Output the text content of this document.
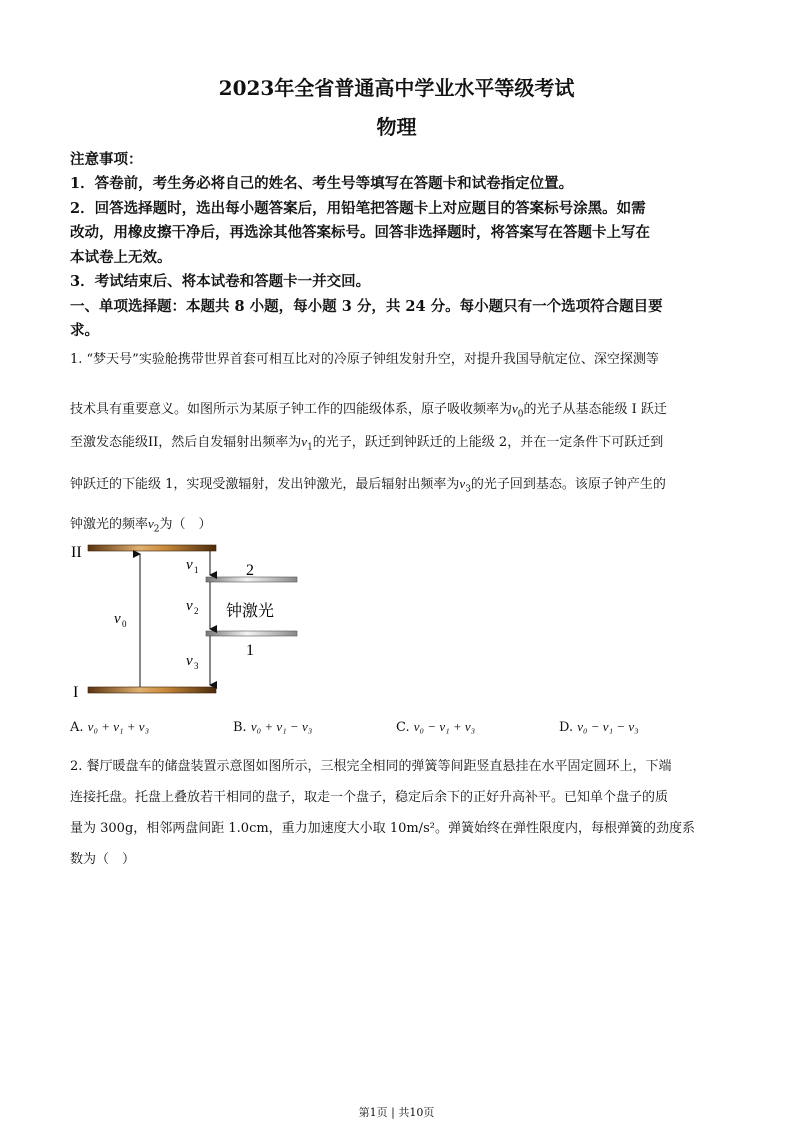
2023年全省普通高中学业水平等级考试
物理
注意事项：
1．答卷前，考生务必将自己的姓名、考生号等填写在答题卡和试卷指定位置。
2．回答选择题时，选出每小题答案后，用铅笔把答题卡上对应题目的答案标号涂黑。如需
改动，用橡皮擦干净后，再选涂其他答案标号。回答非选择题时，将答案写在答题卡上写在
本试卷上无效。
3．考试结束后、将本试卷和答题卡一并交回。
一、单项选择题：本题共 8 小题，每小题 3 分，共 24 分。每小题只有一个选项符合题目要
求。
1. “梦天号”实验舱携带世界首套可相互比对的冷原子钟组发射升空，对提升我国导航定位、深空探测等
技术具有重要意义。如图所示为某原子钟工作的四能级体系，原子吸收频率为$\nu_0$的光子从基态能级 I 跃迁
至激发态能级II，然后自发辐射出频率为$\nu_1$的光子，跃迁到钟跃迁的上能级 2，并在一定条件下可跃迁到
钟跃迁的下能级 1，实现受激辐射，发出钟激光，最后辐射出频率为$\nu_3$的光子回到基态。该原子钟产生的
钟激光的频率$\nu_2$为（　）
II
I
2
1
钟激光
ν 0
ν 1
ν 2
ν 3
A. ν₀ + ν₁ + ν₃	B. ν₀ + ν₁ − ν₃	C. ν₀ − ν₁ + ν₃	D. ν₀ − ν₁ − ν₃
2. 餐厅暖盘车的储盘装置示意图如图所示，三根完全相同的弹簧等间距竖直悬挂在水平固定圆环上，下端
连接托盘。托盘上叠放若干相同的盘子，取走一个盘子，稳定后余下的正好升高补平。已知单个盘子的质
量为 300g，相邻两盘间距 1.0cm，重力加速度大小取 10m/s²。弹簧始终在弹性限度内，每根弹簧的劲度系
数为（　）
第1页 | 共10页
